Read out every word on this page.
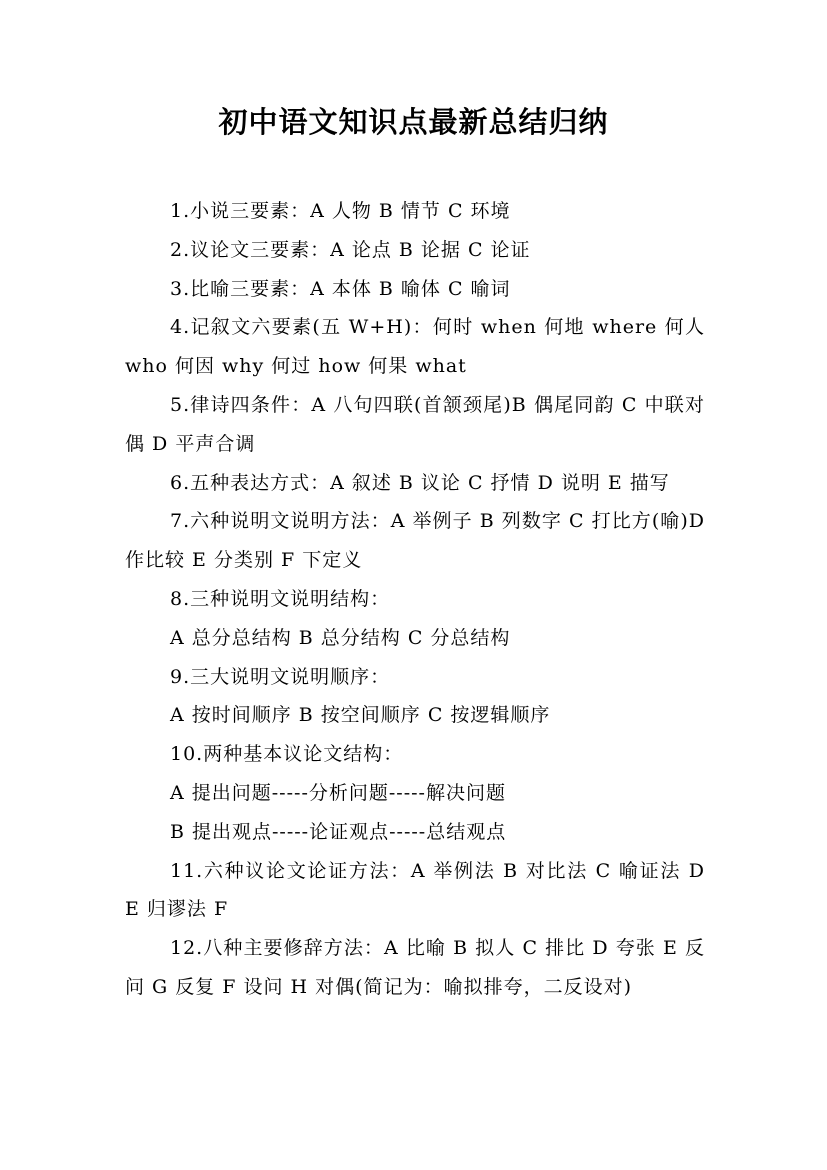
初中语文知识点最新总结归纳

1.小说三要素：A 人物 B 情节 C 环境

2.议论文三要素：A 论点 B 论据 C 论证

3.比喻三要素：A 本体 B 喻体 C 喻词

4.记叙文六要素(五 W+H)：何时 when 何地 where 何人 who 何因 why 何过 how 何果 what

5.律诗四条件：A 八句四联(首颔颈尾)B 偶尾同韵 C 中联对偶 D 平声合调

6.五种表达方式：A 叙述 B 议论 C 抒情 D 说明 E 描写

7.六种说明文说明方法：A 举例子 B 列数字 C 打比方(喻)D 作比较 E 分类别 F 下定义

8.三种说明文说明结构：

A 总分总结构 B 总分结构 C 分总结构

9.三大说明文说明顺序：

A 按时间顺序 B 按空间顺序 C 按逻辑顺序

10.两种基本议论文结构：

A 提出问题-----分析问题-----解决问题

B 提出观点-----论证观点-----总结观点

11.六种议论文论证方法：A 举例法 B 对比法 C 喻证法 D E 归谬法 F

12.八种主要修辞方法：A 比喻 B 拟人 C 排比 D 夸张 E 反问 G 反复 F 设问 H 对偶(简记为：喻拟排夸，二反设对)
